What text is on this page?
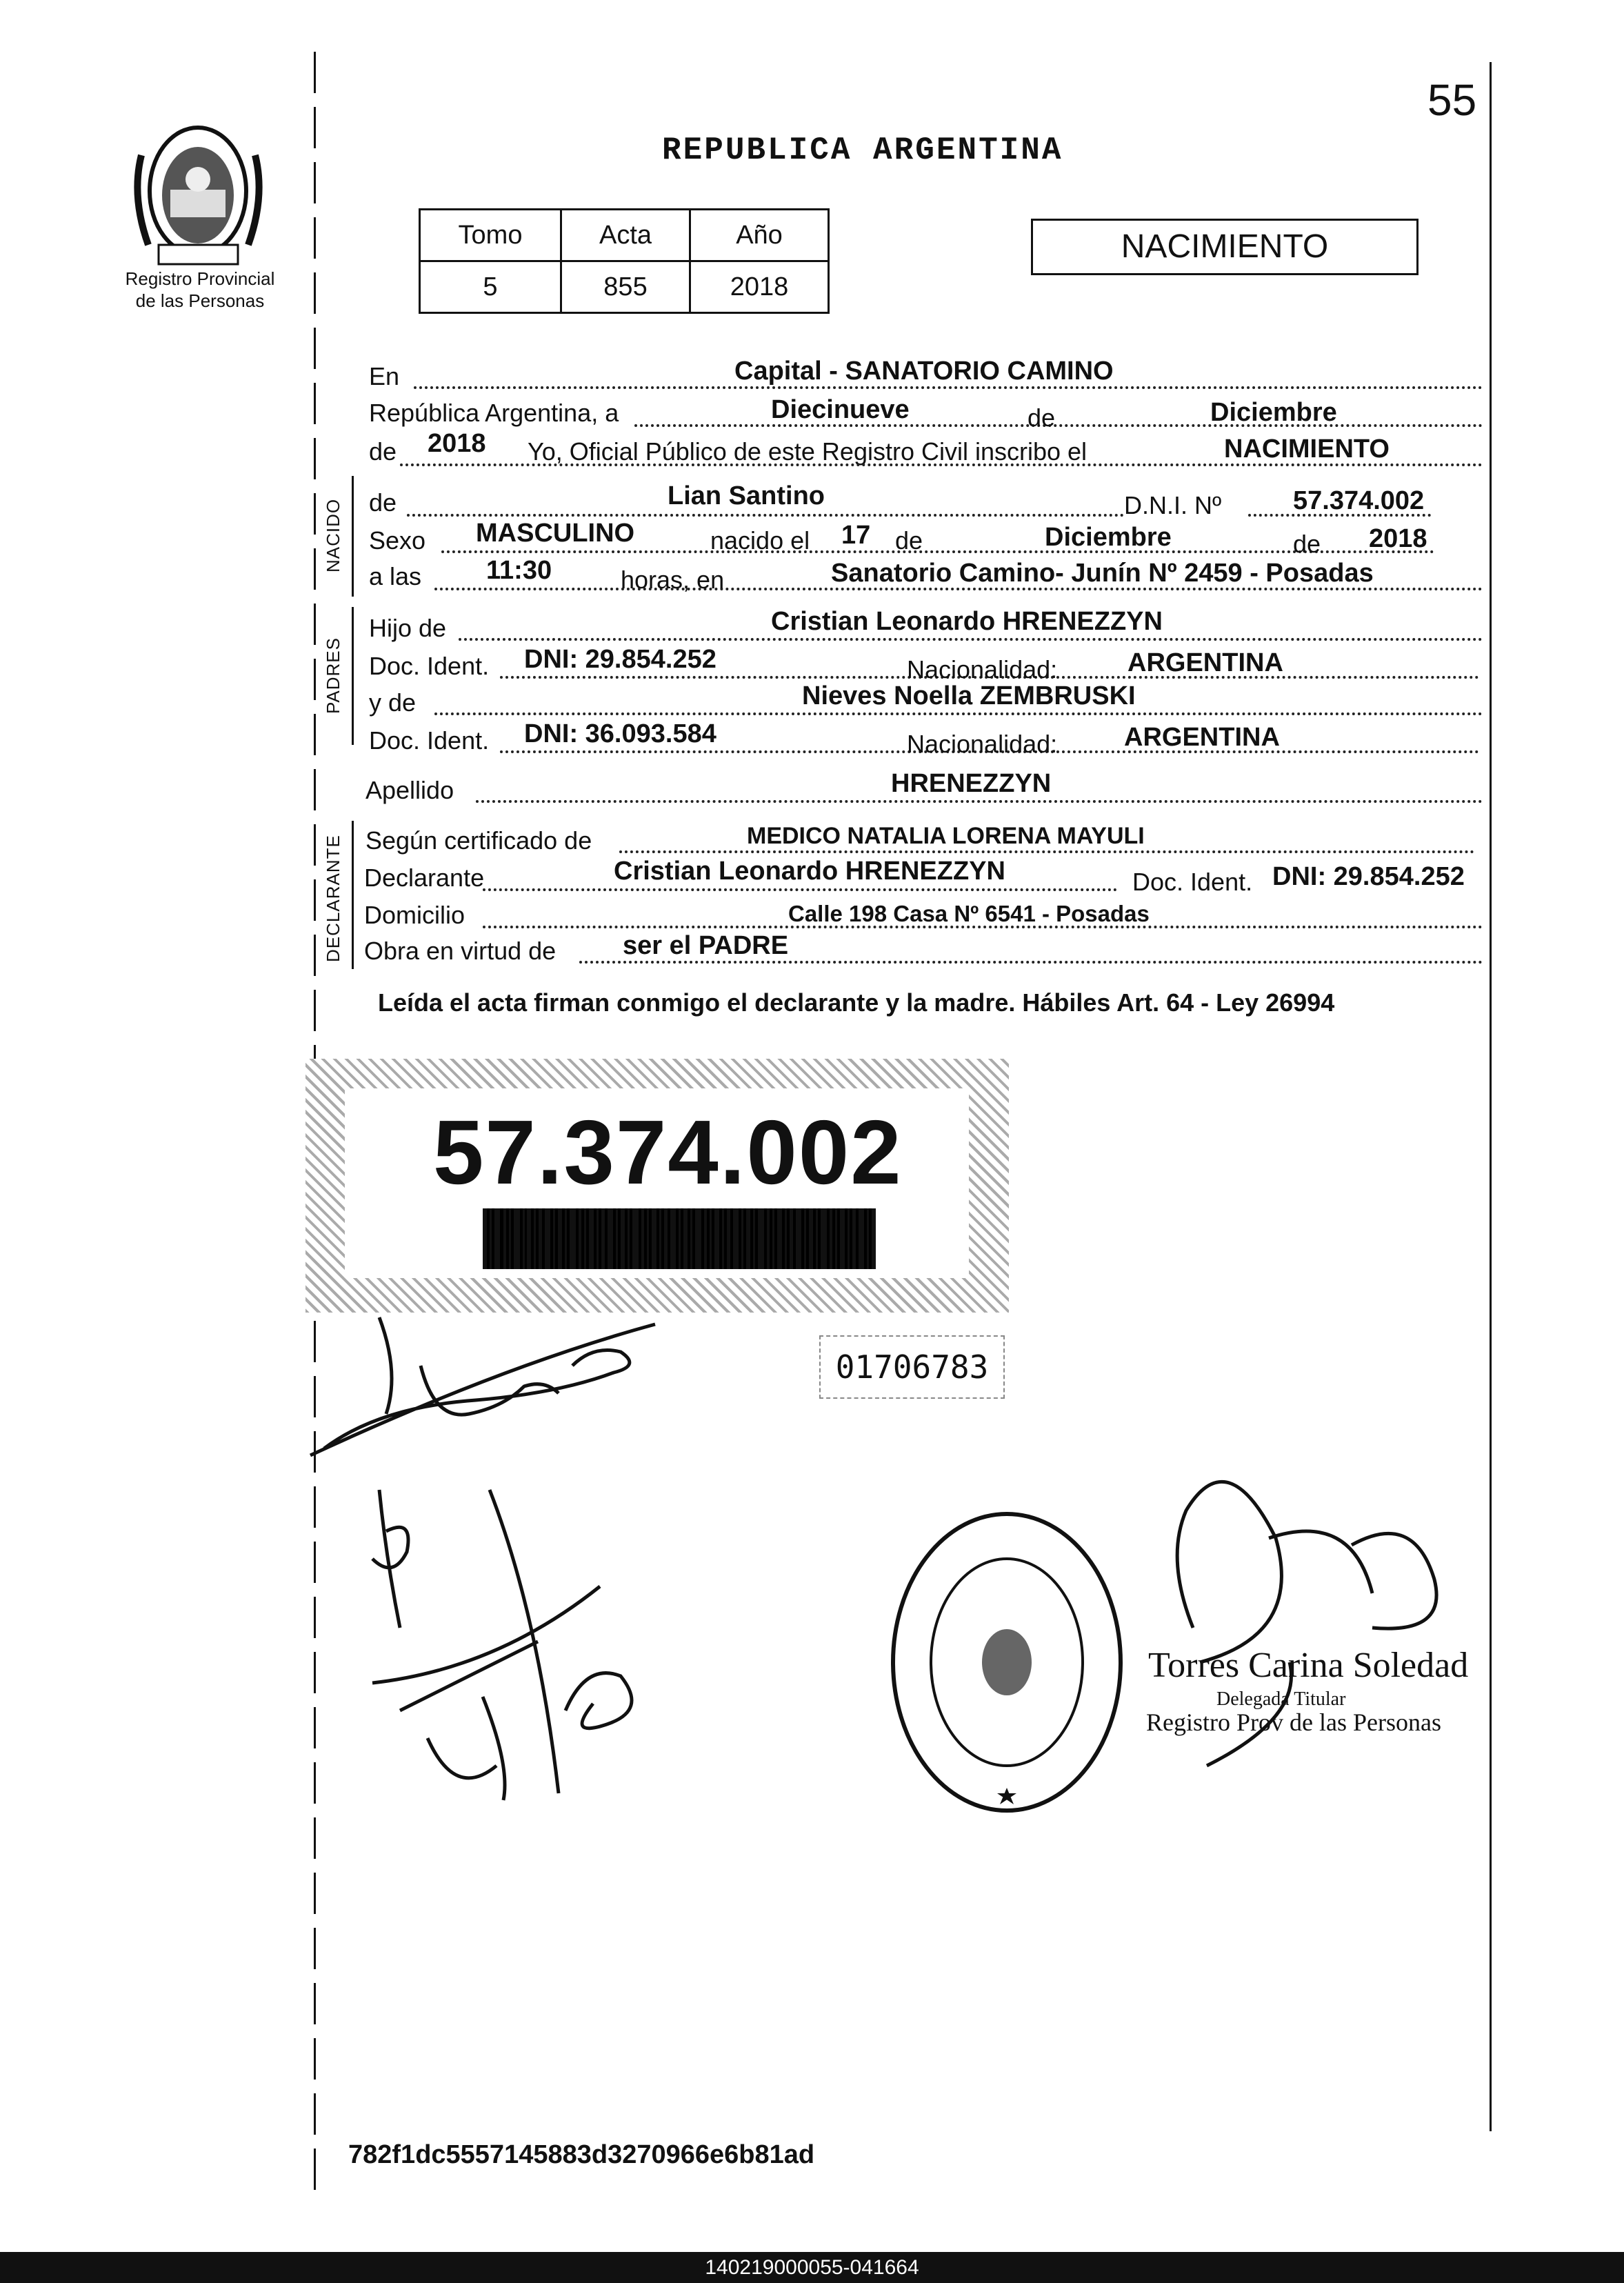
55
REPUBLICA ARGENTINA
Registro Provincial
de las Personas
Tomo	Acta	Año
5	855	2018
NACIMIENTO
En	Capital - SANATORIO CAMINO
República Argentina, a	Diecinueve	de	Diciembre
de 2018 Yo, Oficial Público de este Registro Civil inscribo el	NACIMIENTO
NACIDO de	Lian Santino	D.N.I. Nº	57.374.002
Sexo MASCULINO	nacido el 17 de	Diciembre	de 2018
a las 11:30	horas, en	Sanatorio Camino- Junín Nº 2459 - Posadas
PADRES
Hijo de	Cristian Leonardo HRENEZZYN
Doc. Ident. DNI: 29.854.252	Nacionalidad:	ARGENTINA
y de	Nieves Noella ZEMBRUSKI
Doc. Ident. DNI: 36.093.584	Nacionalidad:	ARGENTINA
Apellido	HRENEZZYN
DECLARANTE Según certificado de	MEDICO NATALIA LORENA MAYULI
Declarante	Cristian Leonardo HRENEZZYN	Doc. Ident. DNI: 29.854.252
Domicilio	Calle 198 Casa Nº 6541 - Posadas
Obra en virtud de	ser el PADRE
Leída el acta firman conmigo el declarante y la madre. Hábiles Art. 64 - Ley 26994
57.374.002
01706783
Torres Carina Soledad
Delegada Titular
Registro Prov de las Personas
782f1dc5557145883d3270966e6b81ad
140219000055-041664
